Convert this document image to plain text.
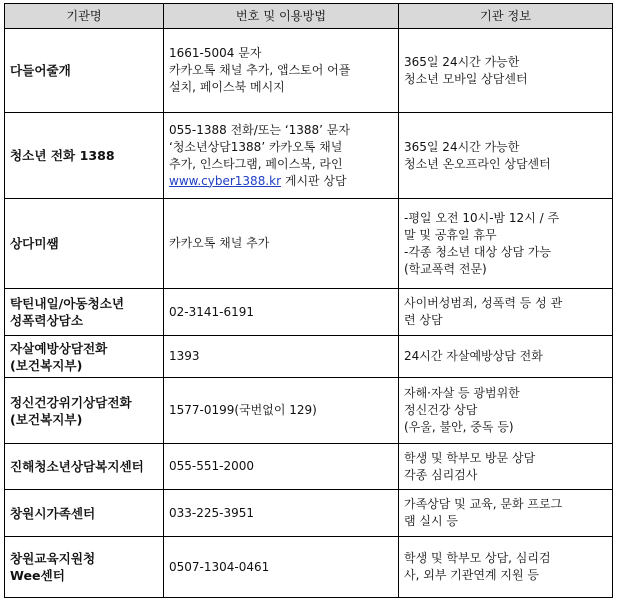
기관명	번호 및 이용방법	기관 정보

다들어줄개	1661-5004 문자
카카오톡 채널 추가, 앱스토어 어플
설치, 페이스북 메시지	365일 24시간 가능한
청소년 모바일 상담센터

청소년 전화 1388	055-1388 전화/또는 ‘1388’ 문자
‘청소년상담1388’ 카카오톡 채널
추가, 인스타그램, 페이스북, 라인
www.cyber1388.kr 게시판 상담	365일 24시간 가능한
청소년 온오프라인 상담센터

상다미쌤	카카오톡 채널 추가	-평일 오전 10시-밤 12시 / 주
말 및 공휴일 휴무
-각종 청소년 대상 상담 가능
(학교폭력 전문)

탁틴내일/아동청소년
성폭력상담소	02-3141-6191	사이버성범죄, 성폭력 등 성 관
련 상담

자살예방상담전화
(보건복지부)	1393	24시간 자살예방상담 전화

정신건강위기상담전화
(보건복지부)	1577-0199(국번없이 129)	자해·자살 등 광범위한
정신건강 상담
(우울, 불안, 중독 등)

진해청소년상담복지센터	055-551-2000	학생 및 학부모 방문 상담
각종 심리검사

창원시가족센터	033-225-3951	가족상담 및 교육, 문화 프로그
램 실시 등

창원교육지원청
Wee센터	0507-1304-0461	학생 및 학부모 상담, 심리검
사, 외부 기관연계 지원 등
